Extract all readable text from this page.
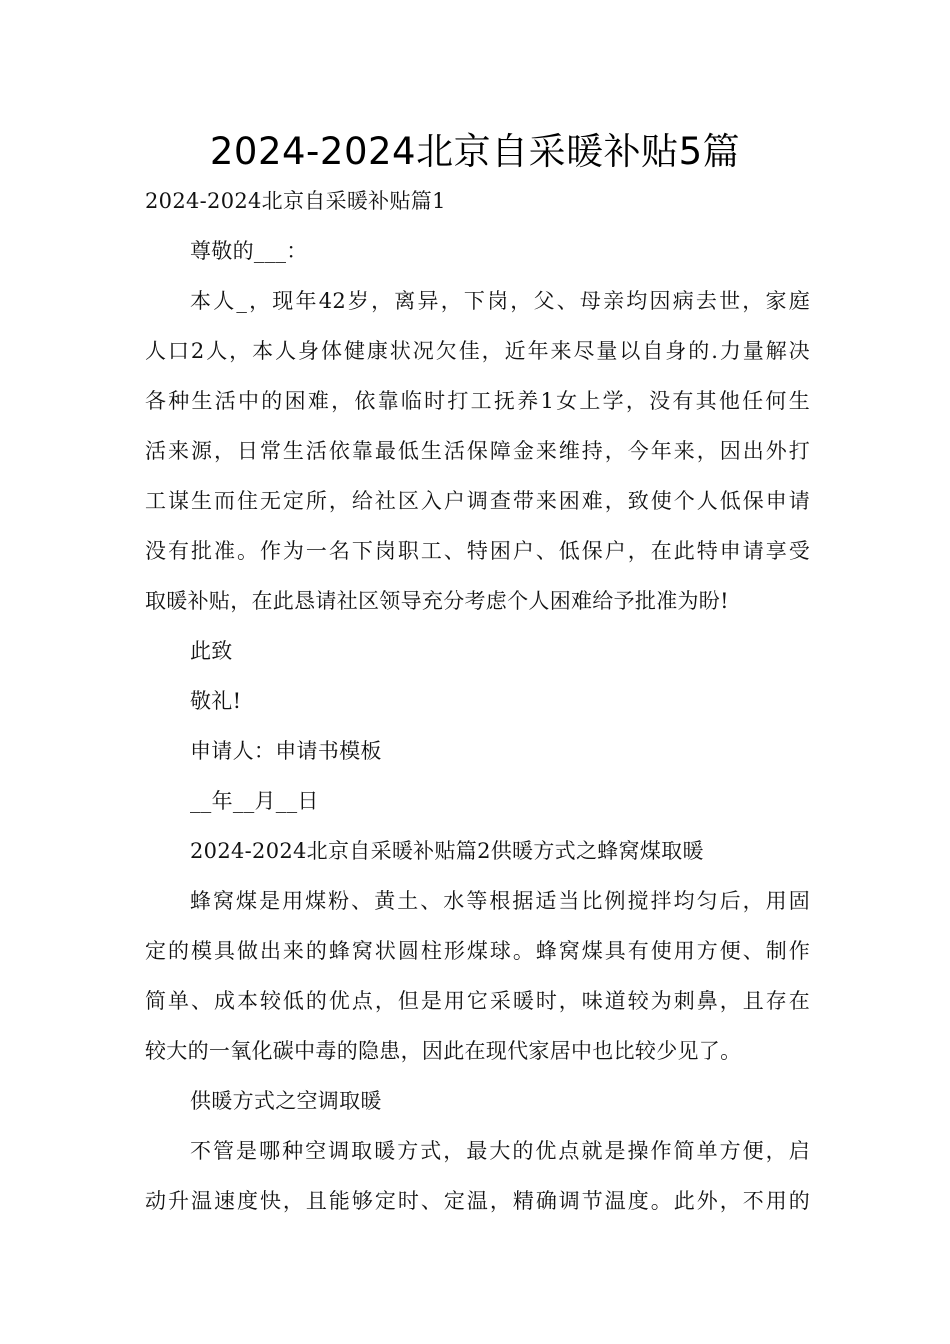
2024-2024北京自采暖补贴5篇
2024-2024北京自采暖补贴篇1
尊敬的___：
本人_，现年42岁，离异，下岗，父、母亲均因病去世，家庭
人口2人，本人身体健康状况欠佳，近年来尽量以自身的.力量解决
各种生活中的困难，依靠临时打工抚养1女上学，没有其他任何生
活来源，日常生活依靠最低生活保障金来维持，今年来，因出外打
工谋生而住无定所，给社区入户调查带来困难，致使个人低保申请
没有批准。作为一名下岗职工、特困户、低保户，在此特申请享受
取暖补贴，在此恳请社区领导充分考虑个人困难给予批准为盼!
此致
敬礼!
申请人：申请书模板
__年__月__日
2024-2024北京自采暖补贴篇2供暖方式之蜂窝煤取暖
蜂窝煤是用煤粉、黄土、水等根据适当比例搅拌均匀后，用固
定的模具做出来的蜂窝状圆柱形煤球。蜂窝煤具有使用方便、制作
简单、成本较低的优点，但是用它采暖时，味道较为刺鼻，且存在
较大的一氧化碳中毒的隐患，因此在现代家居中也比较少见了。
供暖方式之空调取暖
不管是哪种空调取暖方式，最大的优点就是操作简单方便，启
动升温速度快，且能够定时、定温，精确调节温度。此外，不用的
